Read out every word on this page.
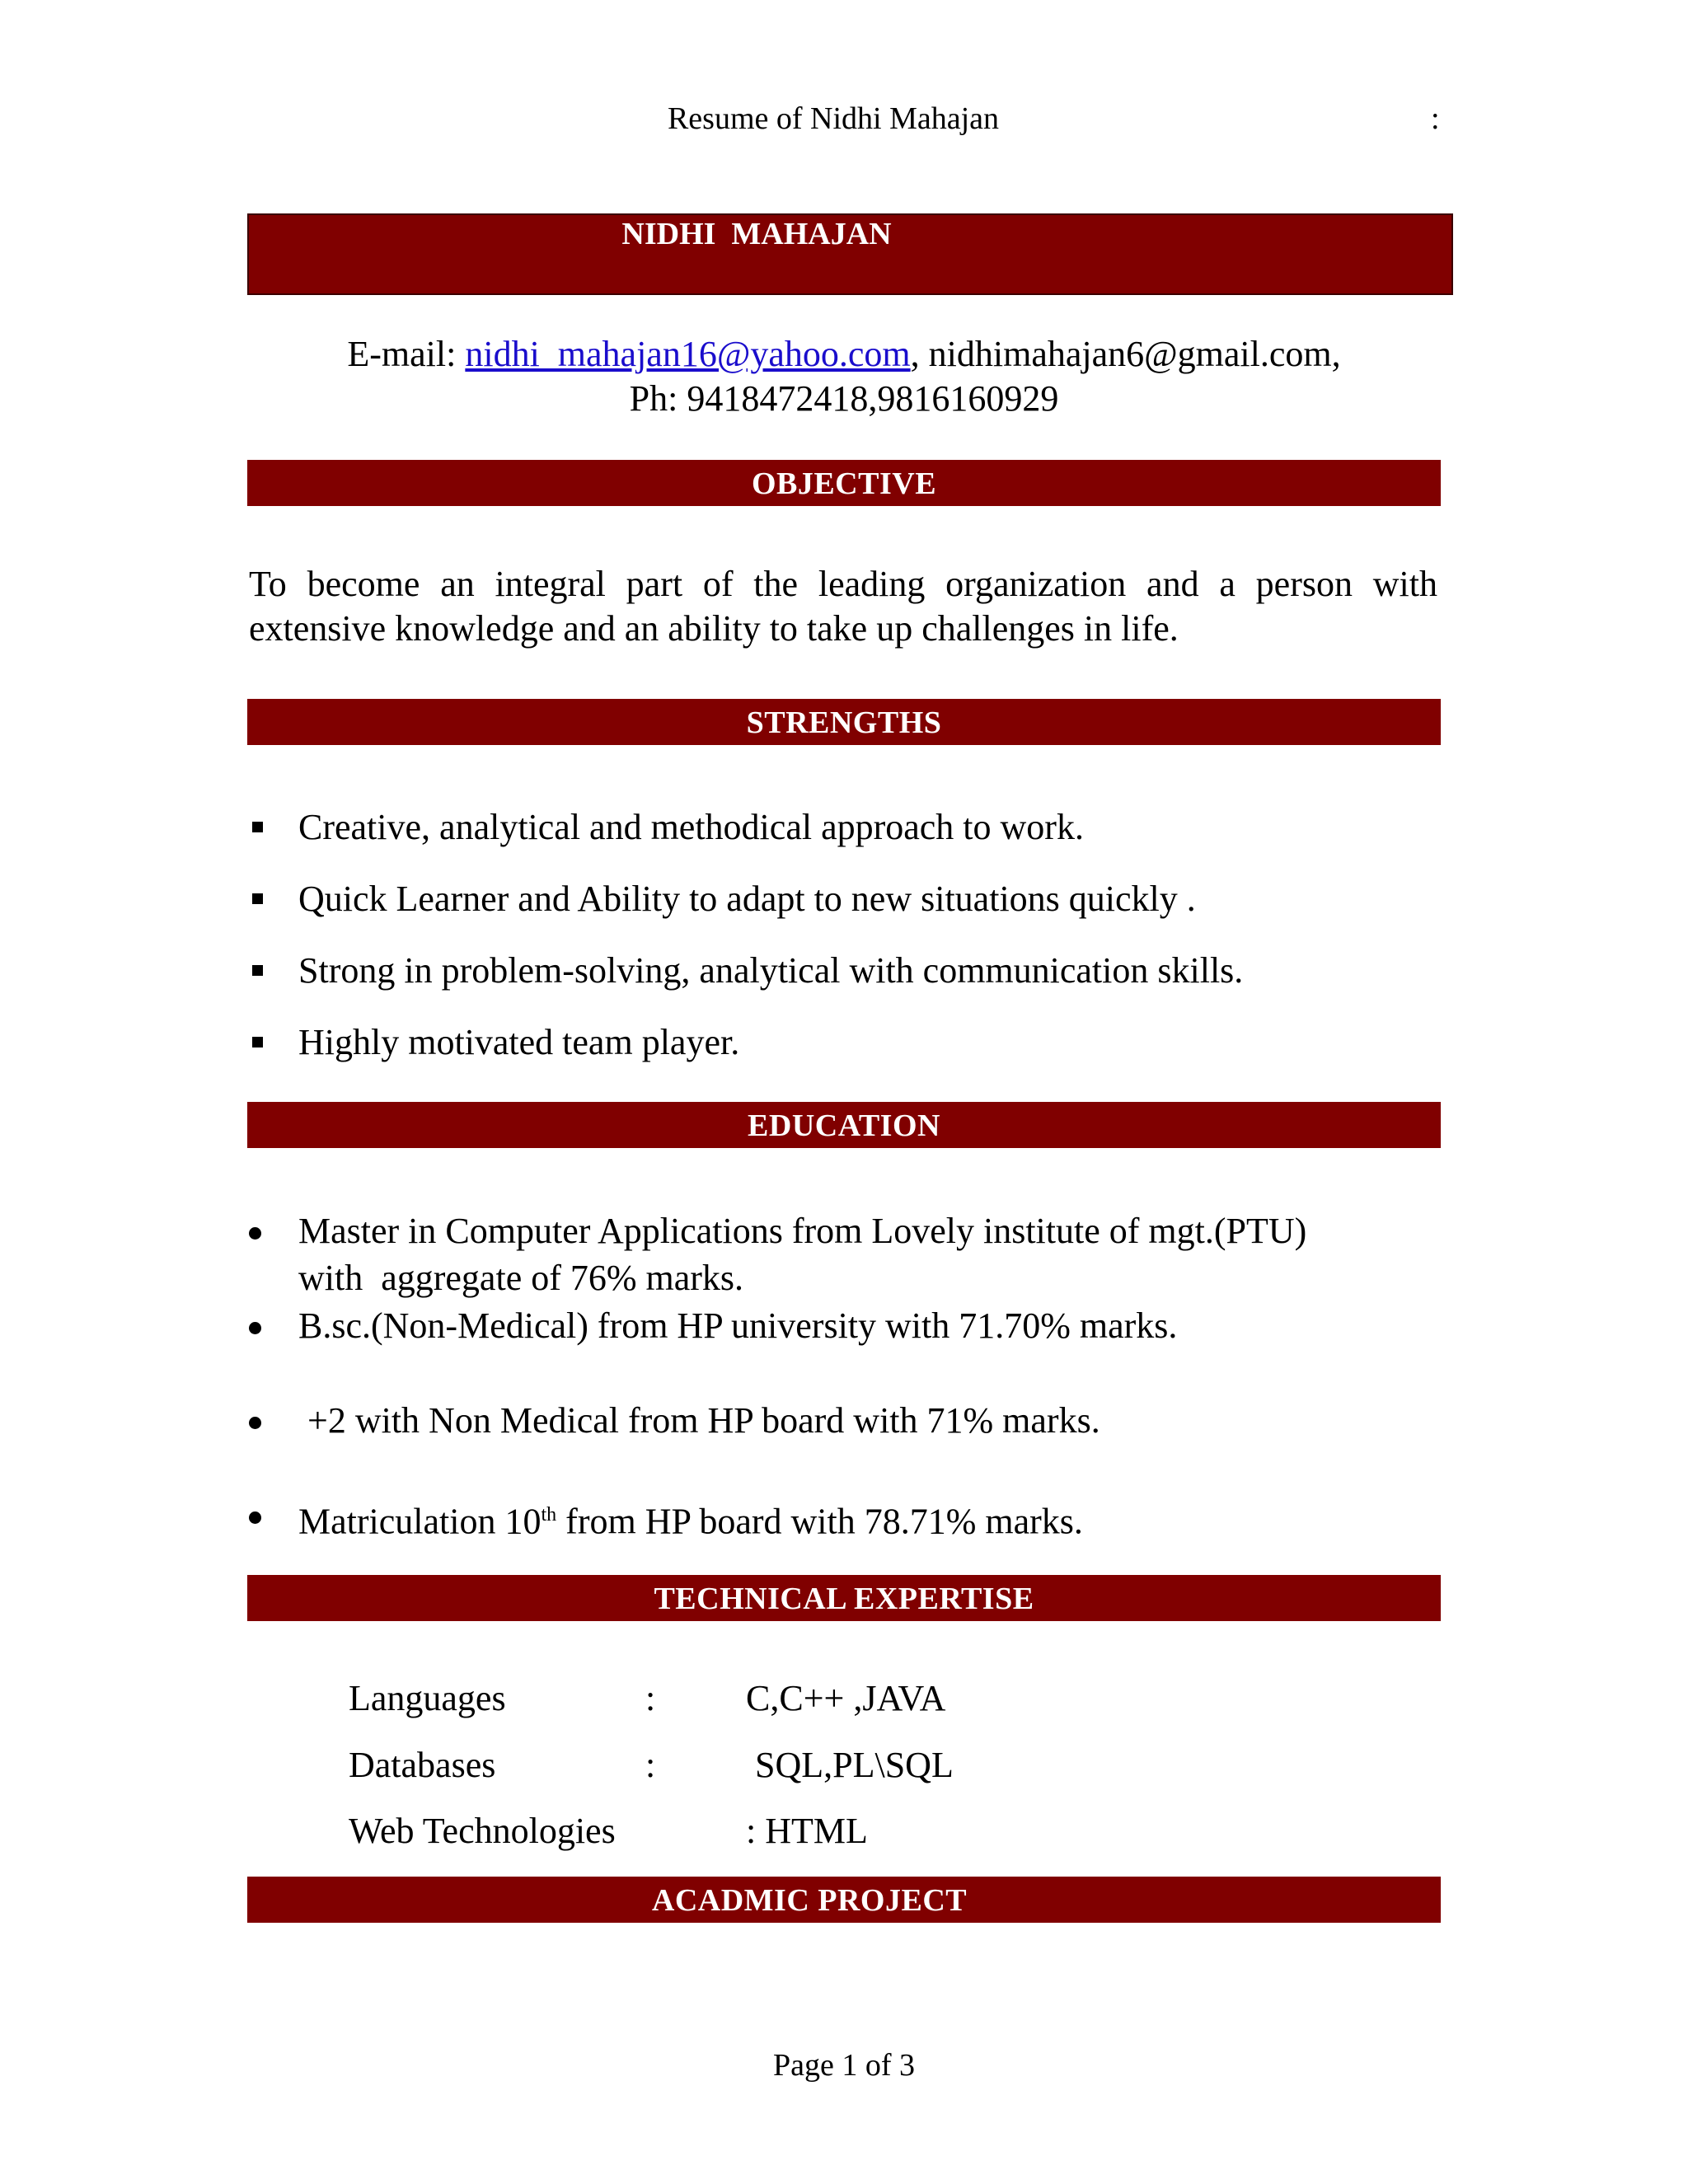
Resume of Nidhi Mahajan	:
NIDHI  MAHAJAN
E-mail: nidhi_mahajan16@yahoo.com, nidhimahajan6@gmail.com,
Ph: 9418472418,9816160929
OBJECTIVE
To become an integral part of the leading organization and a person with extensive knowledge and an ability to take up challenges in life.
STRENGTHS
Creative, analytical and methodical approach to work.
Quick Learner and Ability to adapt to new situations quickly .
Strong in problem-solving, analytical with communication skills.
Highly motivated team player.
EDUCATION
Master in Computer Applications from Lovely institute of mgt.(PTU)
with  aggregate of 76% marks.
B.sc.(Non-Medical) from HP university with 71.70% marks.
+2 with Non Medical from HP board with 71% marks.
Matriculation 10th from HP board with 78.71% marks.
TECHNICAL EXPERTISE
Languages	: C,C++ ,JAVA
Databases	: SQL,PL\SQL
Web Technologies	: HTML
ACADMIC PROJECT
Page 1 of 3
